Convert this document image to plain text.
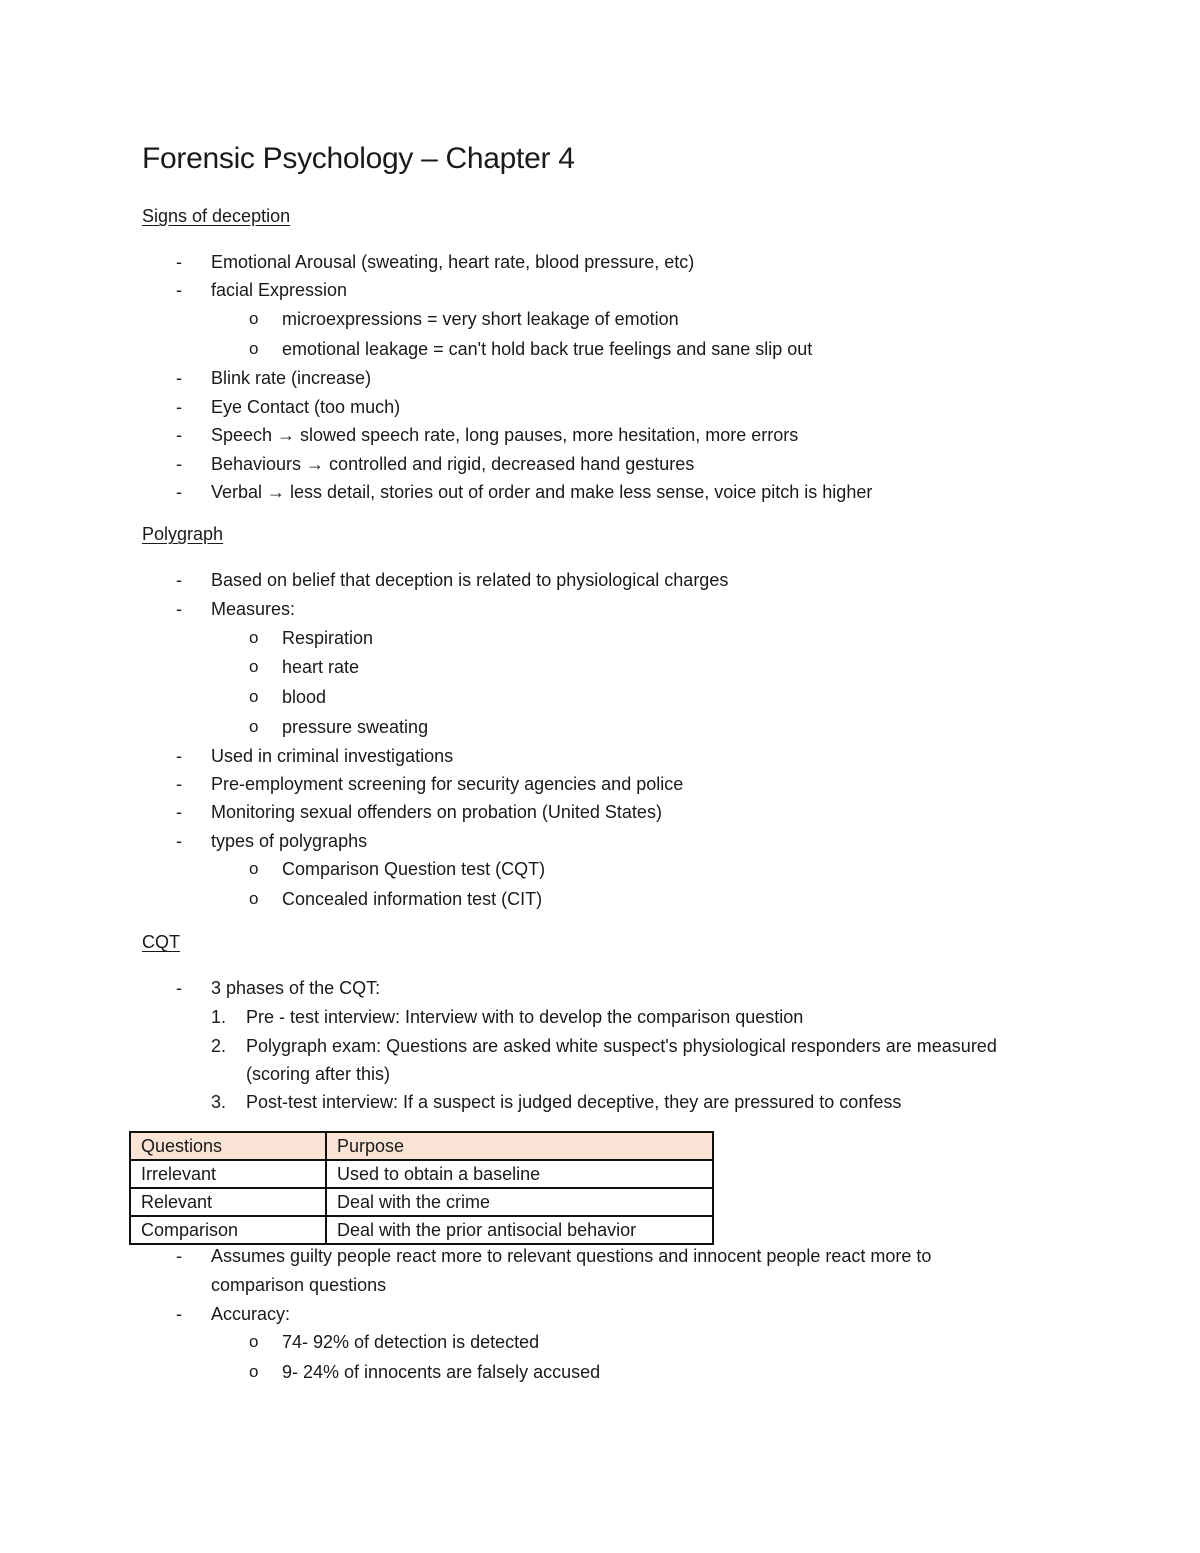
Forensic Psychology – Chapter 4

Signs of deception

- Emotional Arousal (sweating, heart rate, blood pressure, etc)
- facial Expression
o microexpressions = very short leakage of emotion
o emotional leakage = can't hold back true feelings and sane slip out
- Blink rate (increase)
- Eye Contact (too much)
- Speech → slowed speech rate, long pauses, more hesitation, more errors
- Behaviours → controlled and rigid, decreased hand gestures
- Verbal → less detail, stories out of order and make less sense, voice pitch is higher

Polygraph

- Based on belief that deception is related to physiological charges
- Measures:
o Respiration
o heart rate
o blood
o pressure sweating
- Used in criminal investigations
- Pre-employment screening for security agencies and police
- Monitoring sexual offenders on probation (United States)
- types of polygraphs
o Comparison Question test (CQT)
o Concealed information test (CIT)

CQT

- 3 phases of the CQT:
1. Pre - test interview: Interview with to develop the comparison question
2. Polygraph exam: Questions are asked white suspect's physiological responders are measured
(scoring after this)
3. Post-test interview: If a suspect is judged deceptive, they are pressured to confess
Questions	Purpose
Irrelevant	Used to obtain a baseline
Relevant	Deal with the crime
Comparison	Deal with the prior antisocial behavior
- Assumes guilty people react more to relevant questions and innocent people react more to
comparison questions
- Accuracy:
o 74- 92% of detection is detected
o 9- 24% of innocents are falsely accused
